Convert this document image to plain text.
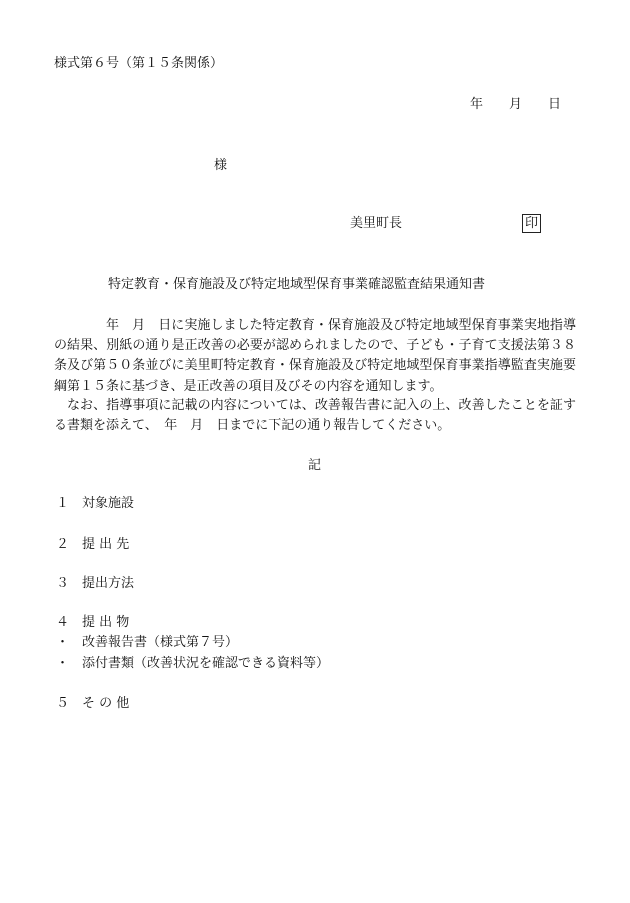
様式第６号（第１５条関係）
年 月 日
様
美里町長	印
特定教育・保育施設及び特定地域型保育事業確認監査結果通知書
年　月　日に実施しました特定教育・保育施設及び特定地域型保育事業実地指導の結果、別紙の通り是正改善の必要が認められましたので、子ども・子育て支援法第３８条及び第５０条並びに美里町特定教育・保育施設及び特定地域型保育事業指導監査実施要綱第１５条に基づき、是正改善の項目及びその内容を通知します。
なお、指導事項に記載の内容については、改善報告書に記入の上、改善したことを証する書類を添えて、　年　月　日までに下記の通り報告してください。
記
１ 対象施設
２ 提 出 先
３ 提出方法
４ 提 出 物
・ 改善報告書（様式第７号）
・ 添付書類（改善状況を確認できる資料等）
５ そ の 他
